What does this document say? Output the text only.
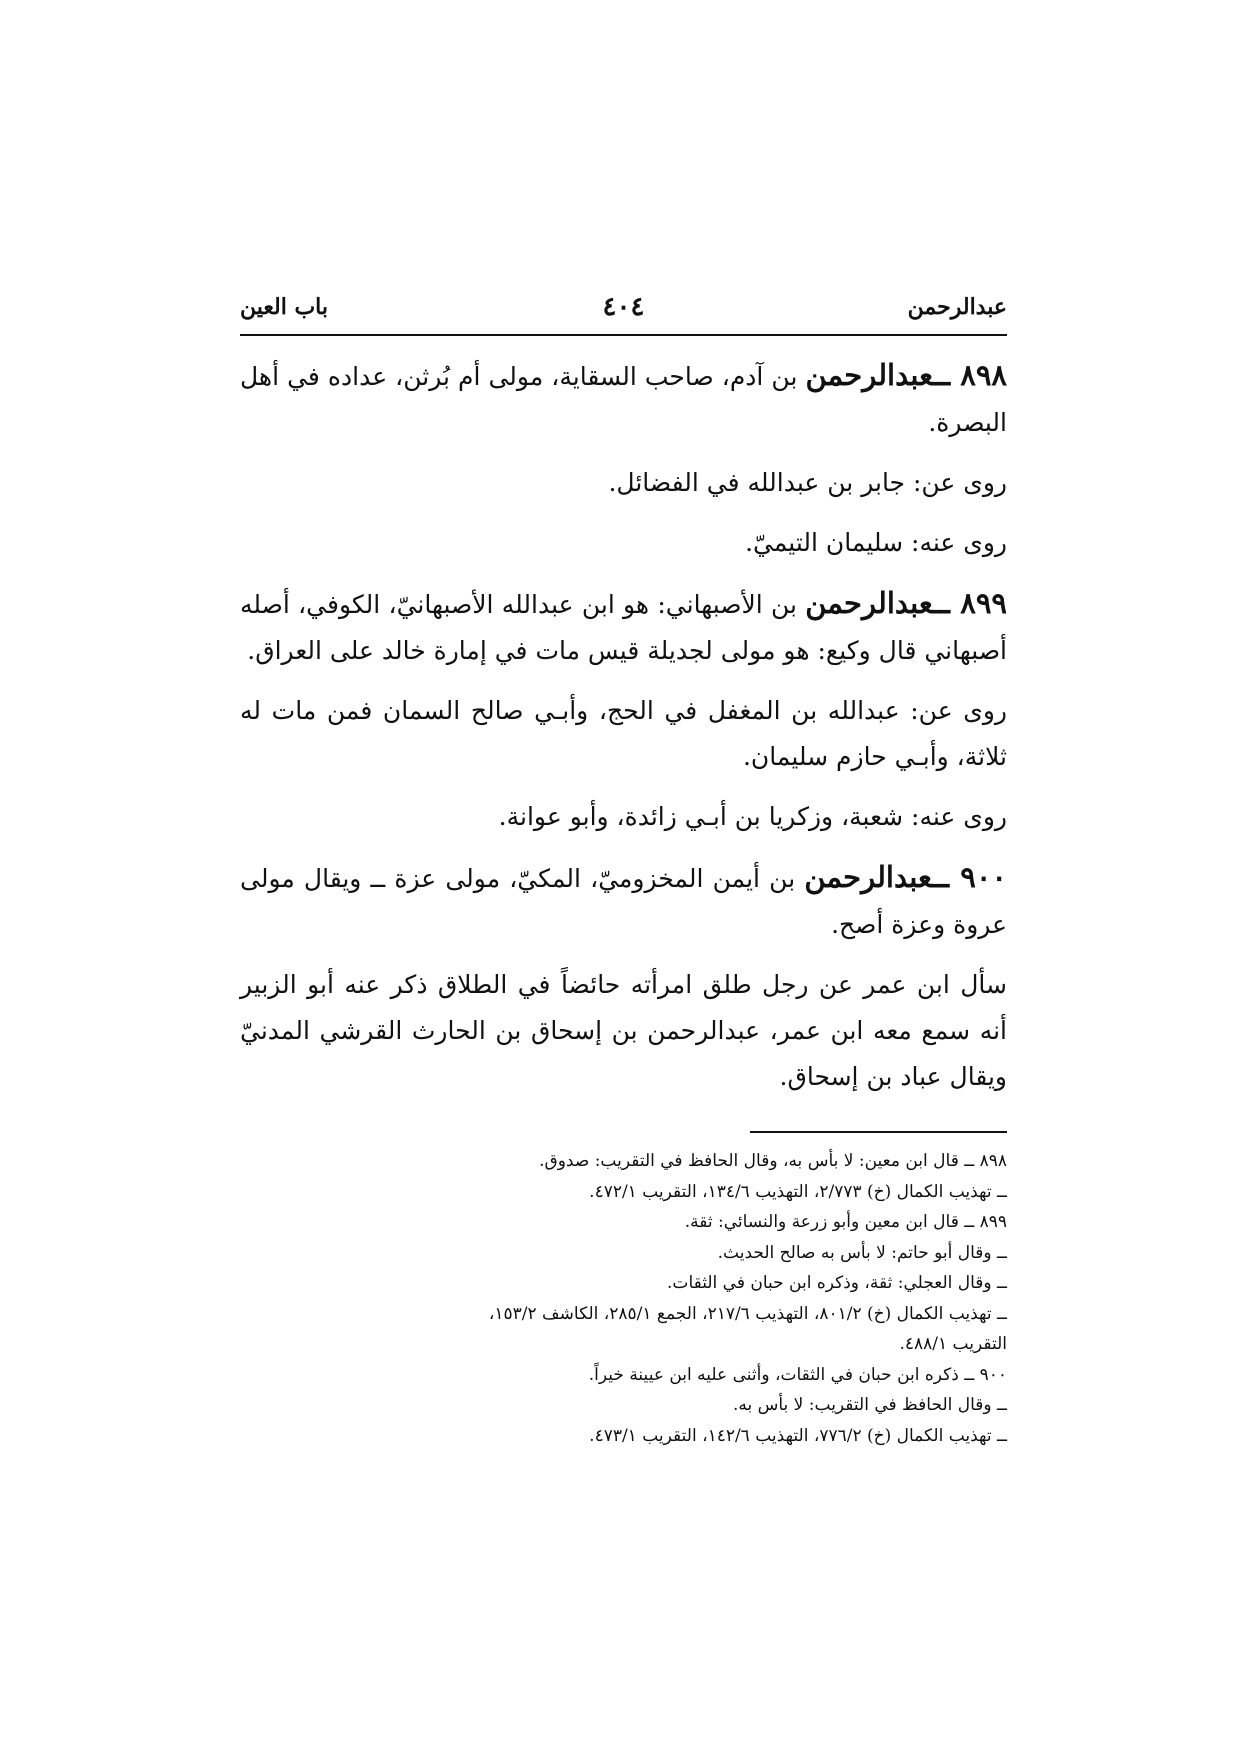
عبدالرحمن
٤٠٤
باب العين

٨٩٨ ــعبدالرحمن بن آدم، صاحب السقاية، مولى أم بُرثن، عداده في أهل البصرة.

روى عن: جابر بن عبدالله في الفضائل.

روى عنه: سليمان التيميّ.

٨٩٩ ــعبدالرحمن بن الأصبهاني: هو ابن عبدالله الأصبهانيّ، الكوفي، أصله أصبهاني قال وكيع: هو مولى لجديلة قيس مات في إمارة خالد على العراق.

روى عن: عبدالله بن المغفل في الحج، وأبـي صالح السمان فمن مات له ثلاثة، وأبـي حازم سليمان.

روى عنه: شعبة، وزكريا بن أبـي زائدة، وأبو عوانة.

٩٠٠ ــعبدالرحمن بن أيمن المخزوميّ، المكيّ، مولى عزة ــ ويقال مولى عروة وعزة أصح.

سأل ابن عمر عن رجل طلق امرأته حائضاً في الطلاق ذكر عنه أبو الزبير أنه سمع معه ابن عمر، عبدالرحمن بن إسحاق بن الحارث القرشي المدنيّ ويقال عباد بن إسحاق.

٨٩٨ ــ قال ابن معين: لا بأس به، وقال الحافظ في التقريب: صدوق.

ــ تهذيب الكمال (خ) ٢/٧٧٣، التهذيب ١٣٤/٦، التقريب ٤٧٢/١.

٨٩٩ ــ قال ابن معين وأبو زرعة والنسائي: ثقة.

ــ وقال أبو حاتم: لا بأس به صالح الحديث.

ــ وقال العجلي: ثقة، وذكره ابن حبان في الثقات.

ــ تهذيب الكمال (خ) ٨٠١/٢، التهذيب ٢١٧/٦، الجمع ٢٨٥/١، الكاشف ١٥٣/٢،

التقريب ٤٨٨/١.

٩٠٠ ــ ذكره ابن حبان في الثقات، وأثنى عليه ابن عيينة خيراً.

ــ وقال الحافظ في التقريب: لا بأس به.

ــ تهذيب الكمال (خ) ٧٧٦/٢، التهذيب ١٤٢/٦، التقريب ٤٧٣/١.
